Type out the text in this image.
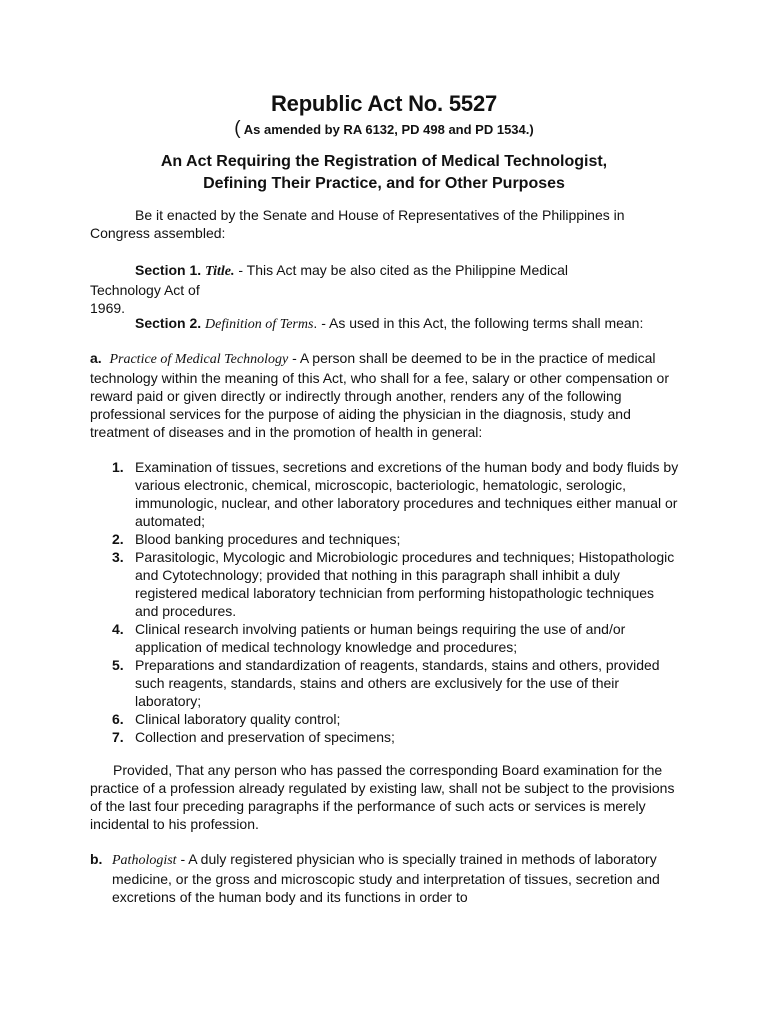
Republic Act No. 5527

( As amended by RA 6132, PD 498 and PD 1534.)

An Act Requiring the Registration of Medical Technologist,
Defining Their Practice, and for Other Purposes

Be it enacted by the Senate and House of Representatives of the Philippines in Congress assembled:

Section 1. Title. - This Act may be also cited as the Philippine Medical
Technology Act of
1969.

Section 2. Definition of Terms. - As used in this Act, the following terms shall mean:

a. Practice of Medical Technology - A person shall be deemed to be in the practice of medical technology within the meaning of this Act, who shall for a fee, salary or other compensation or reward paid or given directly or indirectly through another, renders any of the following professional services for the purpose of aiding the physician in the diagnosis, study and treatment of diseases and in the promotion of health in general:

1. Examination of tissues, secretions and excretions of the human body and body fluids by various electronic, chemical, microscopic, bacteriologic, hematologic, serologic, immunologic, nuclear, and other laboratory procedures and techniques either manual or automated;
2. Blood banking procedures and techniques;
3. Parasitologic, Mycologic and Microbiologic procedures and techniques; Histopathologic and Cytotechnology; provided that nothing in this paragraph shall inhibit a duly registered medical laboratory technician from performing histopathologic techniques and procedures.
4. Clinical research involving patients or human beings requiring the use of and/or application of medical technology knowledge and procedures;
5. Preparations and standardization of reagents, standards, stains and others, provided such reagents, standards, stains and others are exclusively for the use of their laboratory;
6. Clinical laboratory quality control;
7. Collection and preservation of specimens;

Provided, That any person who has passed the corresponding Board examination for the practice of a profession already regulated by existing law, shall not be subject to the provisions of the last four preceding paragraphs if the performance of such acts or services is merely incidental to his profession.

b. Pathologist - A duly registered physician who is specially trained in methods of laboratory medicine, or the gross and microscopic study and interpretation of tissues, secretion and excretions of the human body and its functions in order to
